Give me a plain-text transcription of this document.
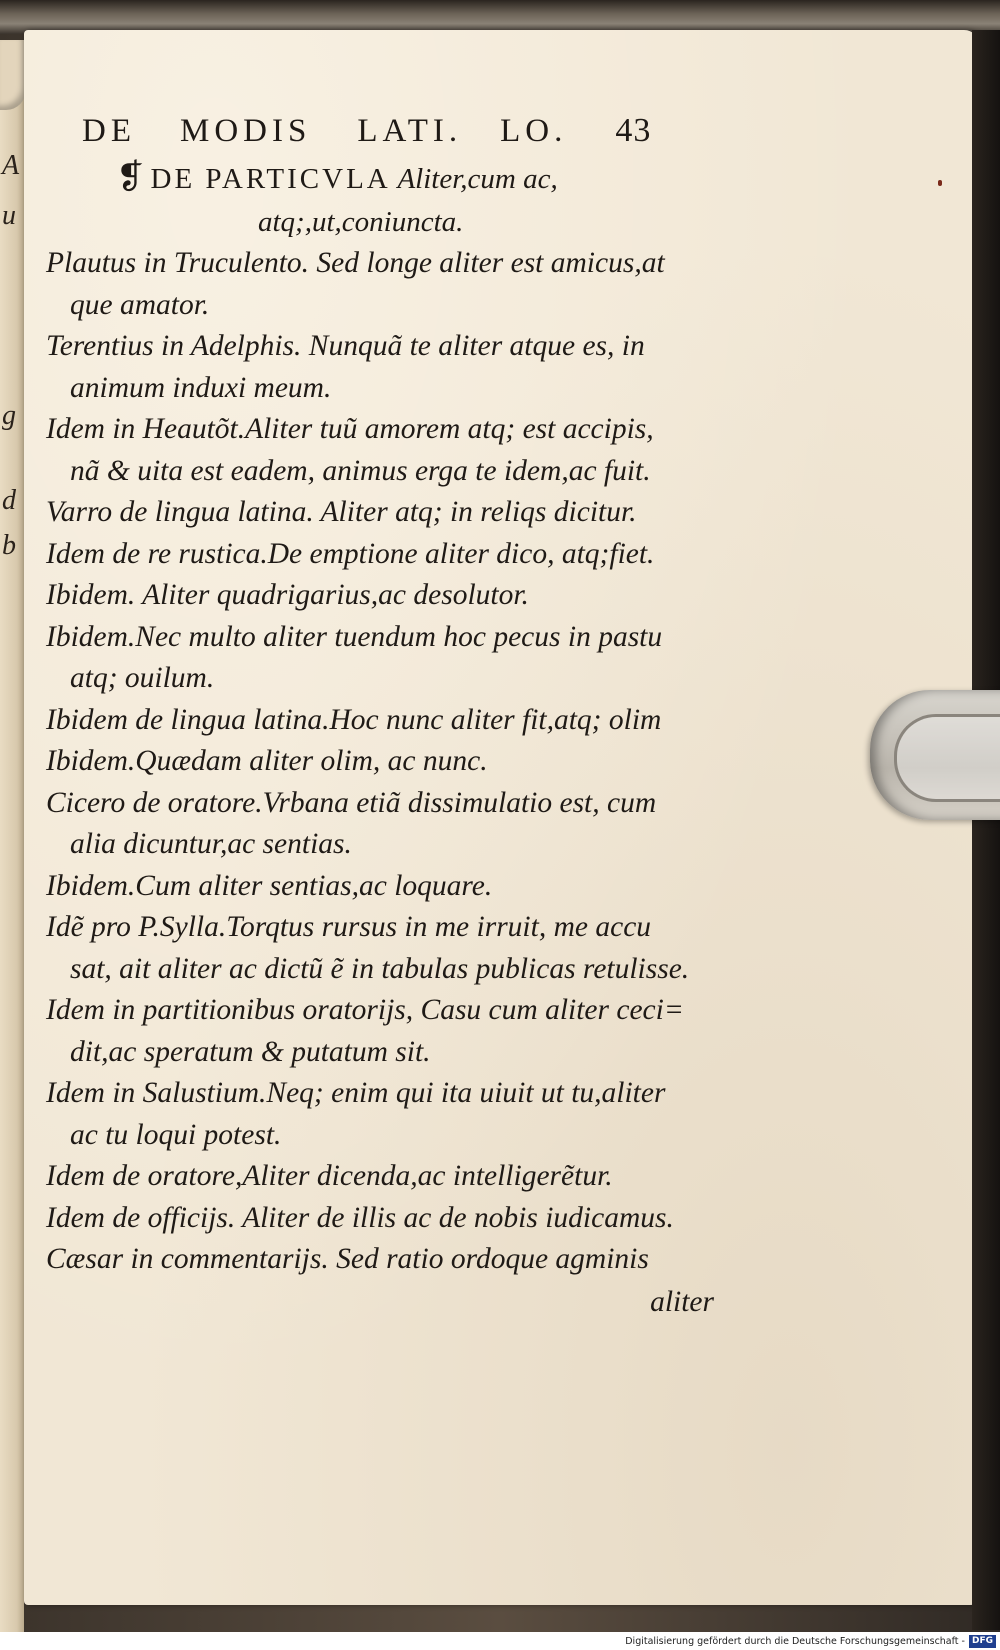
A
u
g
d
b
DE MODIS LATI. LO. 43
❡ DE PARTICVLA Aliter,cum ac,
atq;,ut,coniuncta.
Plautus in Truculento. Sed longe aliter est amicus,at
que amator.
Terentius in Adelphis. Nunquã te aliter atque es, in
animum induxi meum.
Idem in Heautõt.Aliter tuũ amorem atq; est accipis,
nã & uita est eadem, animus erga te idem,ac fuit.
Varro de lingua latina. Aliter atq; in reliqs dicitur.
Idem de re rustica.De emptione aliter dico, atq;fiet.
Ibidem. Aliter quadrigarius,ac desolutor.
Ibidem.Nec multo aliter tuendum hoc pecus in pastu
atq; ouilum.
Ibidem de lingua latina.Hoc nunc aliter fit,atq; olim
Ibidem.Quædam aliter olim, ac nunc.
Cicero de oratore.Vrbana etiã dissimulatio est, cum
alia dicuntur,ac sentias.
Ibidem.Cum aliter sentias,ac loquare.
Idẽ pro P.Sylla.Torqtus rursus in me irruit, me accu
sat, ait aliter ac dictũ ẽ in tabulas publicas retulisse.
Idem in partitionibus oratorijs, Casu cum aliter ceci=
dit,ac speratum & putatum sit.
Idem in Salustium.Neq; enim qui ita uiuit ut tu,aliter
ac tu loqui potest.
Idem de oratore,Aliter dicenda,ac intelligerẽtur.
Idem de officijs. Aliter de illis ac de nobis iudicamus.
Cæsar in commentarijs. Sed ratio ordoque agminis
aliter
Digitalisierung gefördert durch die Deutsche Forschungsgemeinschaft - DFG
